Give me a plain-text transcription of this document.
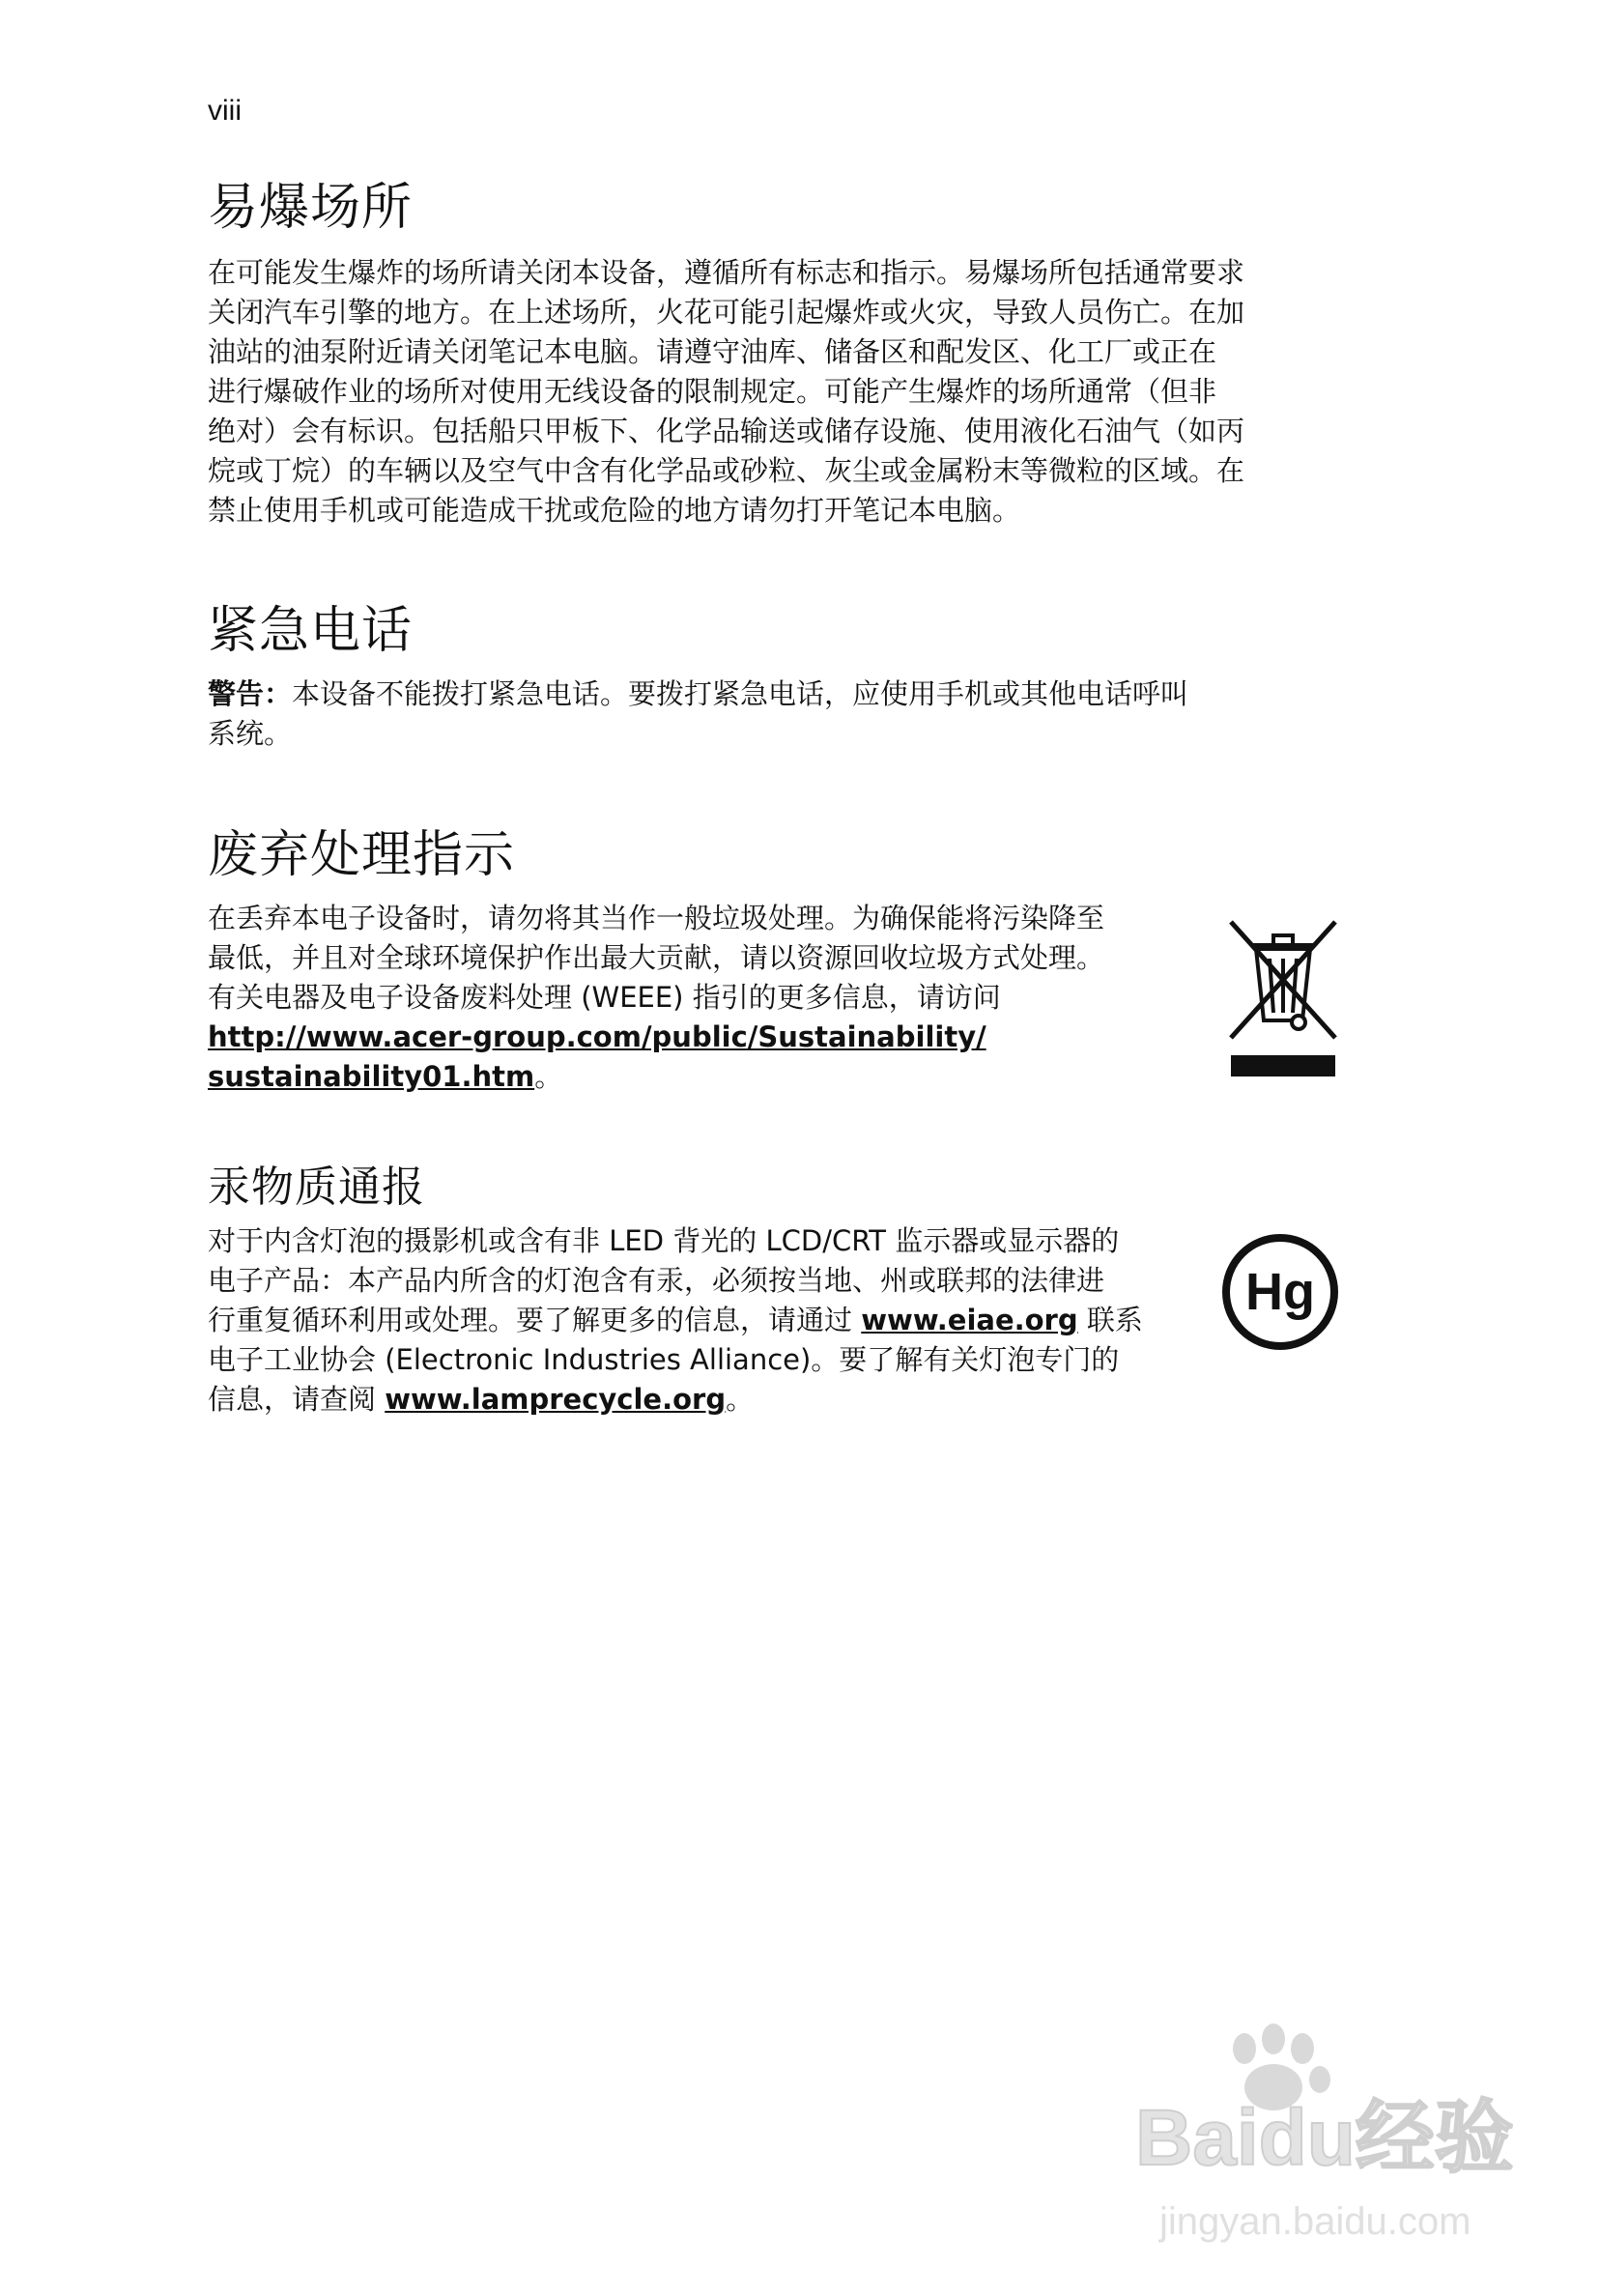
viii
易爆场所
在可能发生爆炸的场所请关闭本设备，遵循所有标志和指示。易爆场所包括通常要求
关闭汽车引擎的地方。在上述场所，火花可能引起爆炸或火灾，导致人员伤亡。在加
油站的油泵附近请关闭笔记本电脑。请遵守油库、储备区和配发区、化工厂或正在
进行爆破作业的场所对使用无线设备的限制规定。可能产生爆炸的场所通常（但非
绝对）会有标识。包括船只甲板下、化学品输送或储存设施、使用液化石油气（如丙
烷或丁烷）的车辆以及空气中含有化学品或砂粒、灰尘或金属粉末等微粒的区域。在
禁止使用手机或可能造成干扰或危险的地方请勿打开笔记本电脑。
紧急电话
警告：本设备不能拨打紧急电话。要拨打紧急电话，应使用手机或其他电话呼叫
系统。
废弃处理指示
在丢弃本电子设备时，请勿将其当作一般垃圾处理。为确保能将污染降至
最低，并且对全球环境保护作出最大贡献，请以资源回收垃圾方式处理。
有关电器及电子设备废料处理 (WEEE) 指引的更多信息，请访问
http://www.acer-group.com/public/Sustainability/
sustainability01.htm。
汞物质通报
对于内含灯泡的摄影机或含有非 LED 背光的 LCD/CRT 监示器或显示器的
电子产品：本产品内所含的灯泡含有汞，必须按当地、州或联邦的法律进
行重复循环利用或处理。要了解更多的信息，请通过 www.eiae.org 联系
电子工业协会 (Electronic Industries Alliance)。要了解有关灯泡专门的
信息，请查阅 www.lamprecycle.org。
Hg
Baidu经验
jingyan.baidu.com
